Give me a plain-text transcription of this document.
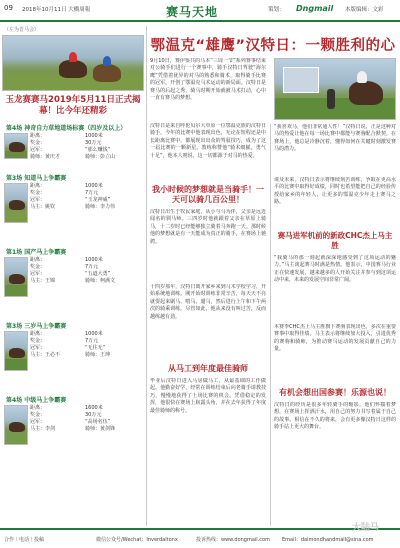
09 2018年10月11日 大橋周報	赛马天地	策划： Dngmail 本版编辑：文彩
（左为晋马会）
玉龙赛赛马2019年5月11日正式揭幕！比今年还精彩
第4场 神奇自力草地道场标赛（四岁及以上）
距离：	1000米
奖金：	30万元
冠军：	“那么赚钱”
骑师：黄庆才	骑师：彭立山
第3场 知道马上争霸赛
距离：	1000米
奖金：	7万元
冠军：	“玉龙神威”
马主：姚钦	骑师：李力伟
第1场 国产马上争霸赛
距离：	1000米
奖金：	7万元
冠军：	“五道大勇”
马主：王锦	骑师：柯满文
第3场 三岁马上争霸赛
距离：	1000米
奖金：	7万元
冠军：	“无往无”
马主：王必不	骑师：王坤
第4场 中级马上争霸赛
距离：	1600米
奖金：	30万元
冠军：	“高场名伍”
马主：李剑	骑师：黄剑锋
鄂温克“雄鹰”汉特日：一颗胜利的心
9月10日，赛伊鉴共的马本“三周一节”系列赛事结束对公骑手们进行一个赛事中，骑手汉特日驾驶“海尔鹰”凭借着优异的对马的熟悉和骑术，取得骑手比赛的冠军，开创了鄂温克马术运动的新局面。汉特日是赛马的后起之秀，骑马时期开始就被马术打动，心中一直有赛马的梦想。
汉特日是来自呼伦贝尔大草原一位鄂温克族的汉特日骑手。今年的比赛中他表现出色，无论在短程还是中长距离比赛中，都展现出出众的驾驭技巧，成为了这一届比赛的一颗新星。教练称赞他“骑术细腻，勇气十足”，他本人则说，这一切都源于对马的热爱。
我小时候的梦想就是当骑手！一天可以骑几百公里！
汉特日出生于牧民家庭，从小与马为伴，父亲是远近闻名的驯马师。三四岁时他就跟着父亲在草原上骑马，十二岁时已经能够独立骑着马奔跑一天。那时候他的梦想就是有一天能成为真正的骑手，在赛场上驰骋。
十四岁那年，汉特日离开家乡来到马术学校学习，开始系统地训练。刚开始时训练非常辛苦，每天天不亮就要起来刷马、喂马、遛马，然后进行上午和下午两次的骑乘训练。尽管如此，他从来没有叫过苦，反而越练越有劲。
从马工到年度最佳骑师
毕业后汉特日进入马房做马工，从最基础的工作做起。他勤奋好学，经常在训练结束后向老骑手请教技巧，慢慢地获得了上场比赛的机会。凭借稳定的发挥，他很快在赛场上崭露头角，并在去年获得了年度最佳骑师的称号。
“我喜欢马，他们非常通人性！”汉特日说，正是这种对马的热爱让他在每一场比赛中都能与赛驹配合默契。在赛场上，他总是冷静沉着，懂得如何在关键时刻激发赛马的潜力。
谈及未来，汉特日表示将继续刻苦训练，争取在更高水平的比赛中取得好成绩，同时也希望能把自己的经验传授给家乡的年轻人，让更多的鄂温克少年走上赛马之路。
赛马进军机前的新政CHC杰上马主胜
“我骑马的那一刻起就深深地感受到了这项运动的魅力。”马主谈起赛马时满是热情。他表示，中国赛马行业正在快速发展，越来越多的人开始关注并参与到这项运动中来，未来的发展空间非常广阔。
本赛季CHC杰上马主胜旗下赛驹表现出色，多次在重要赛事中取得佳绩。马主表示将继续加大投入，引进优秀的赛驹和骑师，为推动赛马运动的发展贡献自己的力量。
有机会想出国参赛！乐源也说！
汉特日的经历是很多年轻骑手的缩影。他们怀揣着梦想，在赛场上挥洒汗水，用自己的努力书写着属于自己的故事。相信在不久的将来，会有更多像汉特日这样的骑手站上更大的舞台。
合作｜电话｜投稿	微信公众号/Wechat：Inverdaltonx	投诉热线：www.dongmail.com Email：daimondhandmall@sina.com
大陆马
